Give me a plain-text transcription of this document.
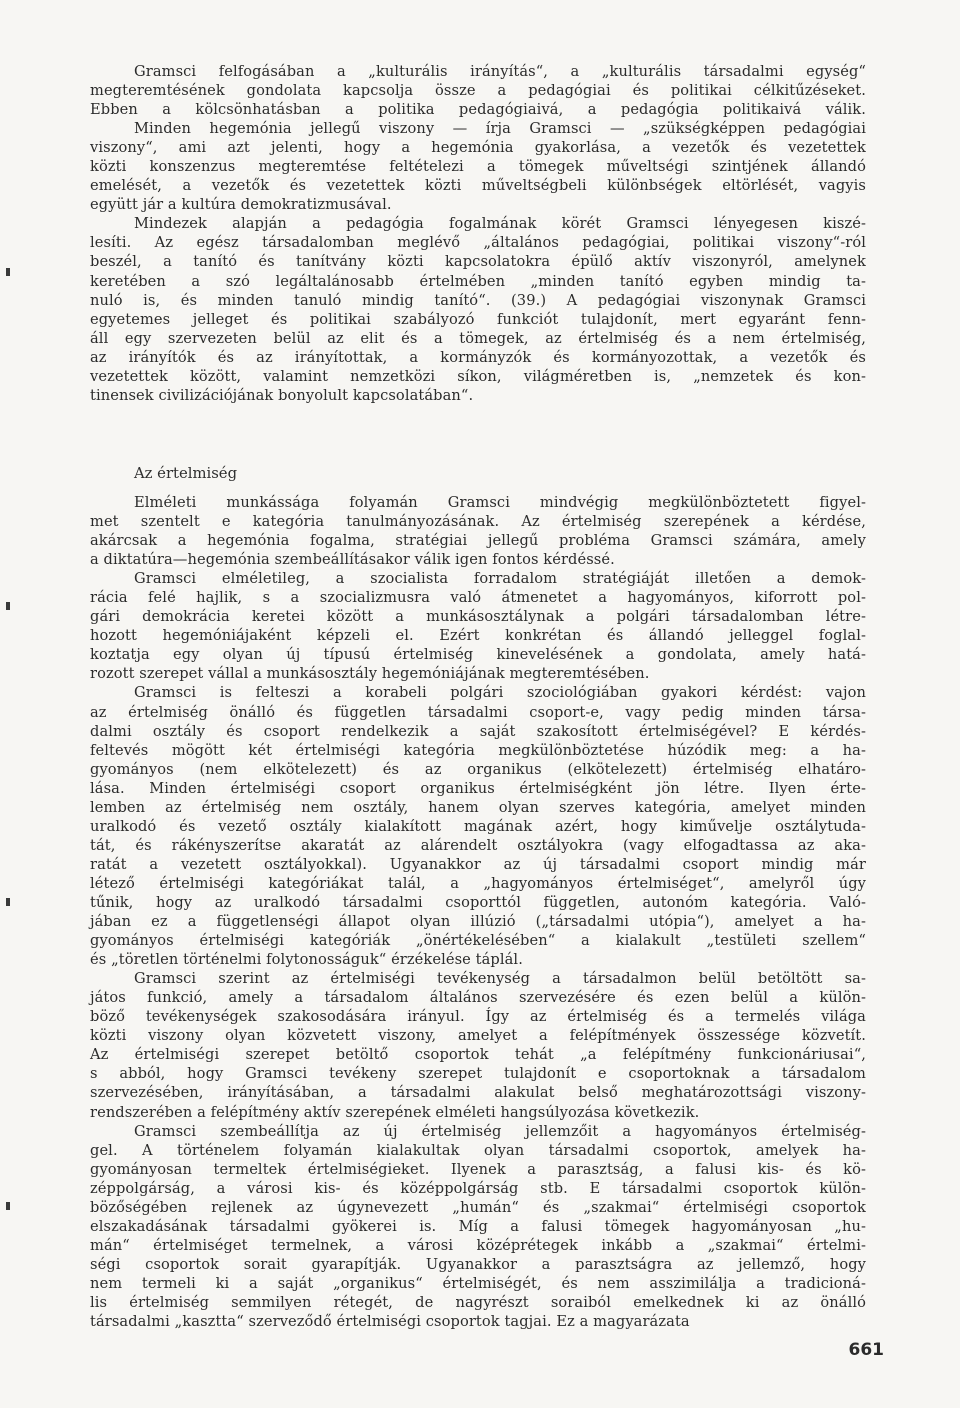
Gramsci felfogásában a „kulturális irányítás“, a „kulturális társadalmi egység“
megteremtésének gondolata kapcsolja össze a pedagógiai és politikai célkitűzéseket.
Ebben a kölcsönhatásban a politika pedagógiaivá, a pedagógia politikaivá válik.
Minden hegemónia jellegű viszony — írja Gramsci — „szükségképpen pedagógiai
viszony“, ami azt jelenti, hogy a hegemónia gyakorlása, a vezetők és vezetettek
közti konszenzus megteremtése feltételezi a tömegek műveltségi szintjének állandó
emelését, a vezetők és vezetettek közti műveltségbeli különbségek eltörlését, vagyis
együtt jár a kultúra demokratizmusával.
Mindezek alapján a pedagógia fogalmának körét Gramsci lényegesen kiszé-
lesíti. Az egész társadalomban meglévő „általános pedagógiai, politikai viszony“-ról
beszél, a tanító és tanítvány közti kapcsolatokra épülő aktív viszonyról, amelynek
keretében a szó legáltalánosabb értelmében „minden tanító egyben mindig ta-
nuló is, és minden tanuló mindig tanító“. (39.) A pedagógiai viszonynak Gramsci
egyetemes jelleget és politikai szabályozó funkciót tulajdonít, mert egyaránt fenn-
áll egy szervezeten belül az elit és a tömegek, az értelmiség és a nem értelmiség,
az irányítók és az irányítottak, a kormányzók és kormányozottak, a vezetők és
vezetettek között, valamint nemzetközi síkon, világméretben is, „nemzetek és kon-
tinensek civilizációjának bonyolult kapcsolatában“.
Az értelmiség
Elméleti munkássága folyamán Gramsci mindvégig megkülönböztetett figyel-
met szentelt e kategória tanulmányozásának. Az értelmiség szerepének a kérdése,
akárcsak a hegemónia fogalma, stratégiai jellegű probléma Gramsci számára, amely
a diktatúra—hegemónia szembeállításakor válik igen fontos kérdéssé.
Gramsci elméletileg, a szocialista forradalom stratégiáját illetően a demok-
rácia felé hajlik, s a szocializmusra való átmenetet a hagyományos, kiforrott pol-
gári demokrácia keretei között a munkásosztálynak a polgári társadalomban létre-
hozott hegemóniájaként képzeli el. Ezért konkrétan és állandó jelleggel foglal-
koztatja egy olyan új típusú értelmiség kinevelésének a gondolata, amely hatá-
rozott szerepet vállal a munkásosztály hegemóniájának megteremtésében.
Gramsci is felteszi a korabeli polgári szociológiában gyakori kérdést: vajon
az értelmiség önálló és független társadalmi csoport-e, vagy pedig minden társa-
dalmi osztály és csoport rendelkezik a saját szakosított értelmiségével? E kérdés-
feltevés mögött két értelmiségi kategória megkülönböztetése húzódik meg: a ha-
gyományos (nem elkötelezett) és az organikus (elkötelezett) értelmiség elhatáro-
lása. Minden értelmiségi csoport organikus értelmiségként jön létre. Ilyen érte-
lemben az értelmiség nem osztály, hanem olyan szerves kategória, amelyet minden
uralkodó és vezető osztály kialakított magának azért, hogy kiművelje osztálytuda-
tát, és rákényszerítse akaratát az alárendelt osztályokra (vagy elfogadtassa az aka-
ratát a vezetett osztályokkal). Ugyanakkor az új társadalmi csoport mindig már
létező értelmiségi kategóriákat talál, a „hagyományos értelmiséget“, amelyről úgy
tűnik, hogy az uralkodó társadalmi csoporttól független, autonóm kategória. Való-
jában ez a függetlenségi állapot olyan illúzió („társadalmi utópia“), amelyet a ha-
gyományos értelmiségi kategóriák „önértékelésében“ a kialakult „testületi szellem“
és „töretlen történelmi folytonosságuk“ érzékelése táplál.
Gramsci szerint az értelmiségi tevékenység a társadalmon belül betöltött sa-
játos funkció, amely a társadalom általános szervezésére és ezen belül a külön-
böző tevékenységek szakosodására irányul. Így az értelmiség és a termelés világa
közti viszony olyan közvetett viszony, amelyet a felépítmények összessége közvetít.
Az értelmiségi szerepet betöltő csoportok tehát „a felépítmény funkcionáriusai“,
s abból, hogy Gramsci tevékeny szerepet tulajdonít e csoportoknak a társadalom
szervezésében, irányításában, a társadalmi alakulat belső meghatározottsági viszony-
rendszerében a felépítmény aktív szerepének elméleti hangsúlyozása következik.
Gramsci szembeállítja az új értelmiség jellemzőit a hagyományos értelmiség-
gel. A történelem folyamán kialakultak olyan társadalmi csoportok, amelyek ha-
gyományosan termeltek értelmiségieket. Ilyenek a parasztság, a falusi kis- és kö-
zéppolgárság, a városi kis- és középpolgárság stb. E társadalmi csoportok külön-
bözőségében rejlenek az úgynevezett „humán“ és „szakmai“ értelmiségi csoportok
elszakadásának társadalmi gyökerei is. Míg a falusi tömegek hagyományosan „hu-
mán“ értelmiséget termelnek, a városi középrétegek inkább a „szakmai“ értelmi-
ségi csoportok sorait gyarapítják. Ugyanakkor a parasztságra az jellemző, hogy
nem termeli ki a saját „organikus“ értelmiségét, és nem asszimilálja a tradicioná-
lis értelmiség semmilyen rétegét, de nagyrészt soraiból emelkednek ki az önálló
társadalmi „kasztta“ szerveződő értelmiségi csoportok tagjai. Ez a magyarázata
661
